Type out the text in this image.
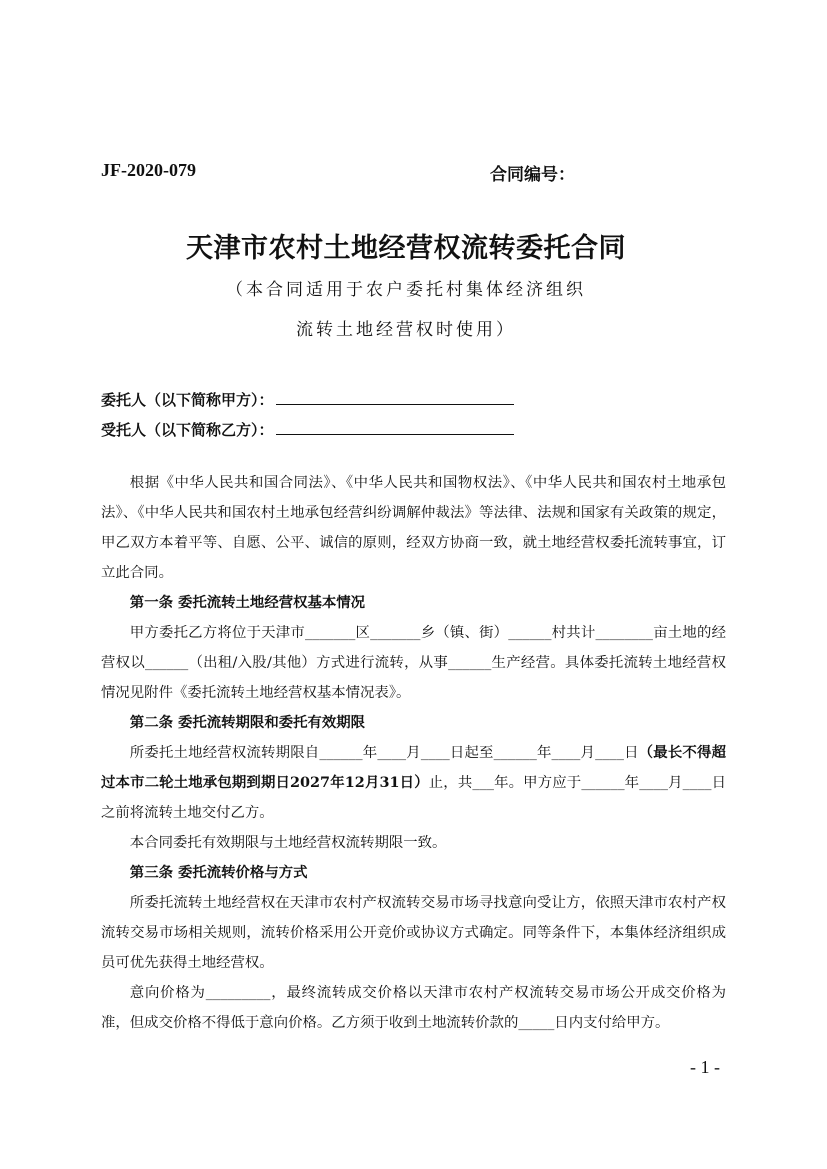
JF-2020-079	合同编号：
天津市农村土地经营权流转委托合同
（本合同适用于农户委托村集体经济组织
流转土地经营权时使用）
委托人（以下简称甲方）：
受托人（以下简称乙方）：

根据《中华人民共和国合同法》、《中华人民共和国物权法》、《中华人民共和国农村土地承包法》、《中华人民共和国农村土地承包经营纠纷调解仲裁法》等法律、法规和国家有关政策的规定，甲乙双方本着平等、自愿、公平、诚信的原则，经双方协商一致，就土地经营权委托流转事宜，订立此合同。

第一条 委托流转土地经营权基本情况

甲方委托乙方将位于天津市_______区_______乡（镇、街）______村共计________亩土地的经营权以______（出租/入股/其他）方式进行流转，从事______生产经营。具体委托流转土地经营权情况见附件《委托流转土地经营权基本情况表》。

第二条 委托流转期限和委托有效期限

所委托土地经营权流转期限自______年____月____日起至______年____月____日（最长不得超过本市二轮土地承包期到期日2027年12月31日）止，共___年。甲方应于______年____月____日之前将流转土地交付乙方。

本合同委托有效期限与土地经营权流转期限一致。

第三条 委托流转价格与方式

所委托流转土地经营权在天津市农村产权流转交易市场寻找意向受让方，依照天津市农村产权流转交易市场相关规则，流转价格采用公开竞价或协议方式确定。同等条件下，本集体经济组织成员可优先获得土地经营权。

意向价格为_________，最终流转成交价格以天津市农村产权流转交易市场公开成交价格为准，但成交价格不得低于意向价格。乙方须于收到土地流转价款的_____日内支付给甲方。

- 1 -
